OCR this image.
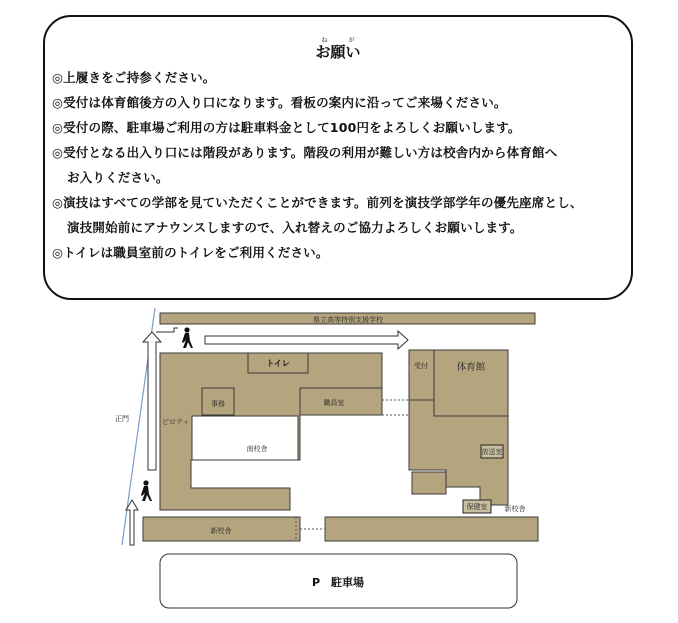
お願いねが
◎上履きをご持参ください。
◎受付は体育館後方の入り口になります。看板の案内に沿ってご来場ください。
◎受付の際、駐車場ご利用の方は駐車料金として100円をよろしくお願いします。
◎受付となる出入り口には階段があります。階段の利用が難しい方は校舎内から体育館へ
お入りください。
◎演技はすべての学部を見ていただくことができます。前列を演技学部学年の優先座席とし、
演技開始前にアナウンスしますので、入れ替えのご協力よろしくお願いします。
◎トイレは職員室前のトイレをご利用ください。
県立高等特別支援学校
トイレ	受付	体育館
正門	ピロティ
事務	職員室
南校舎	放送室
保健室 新校舎
新校舎
P　駐車場
